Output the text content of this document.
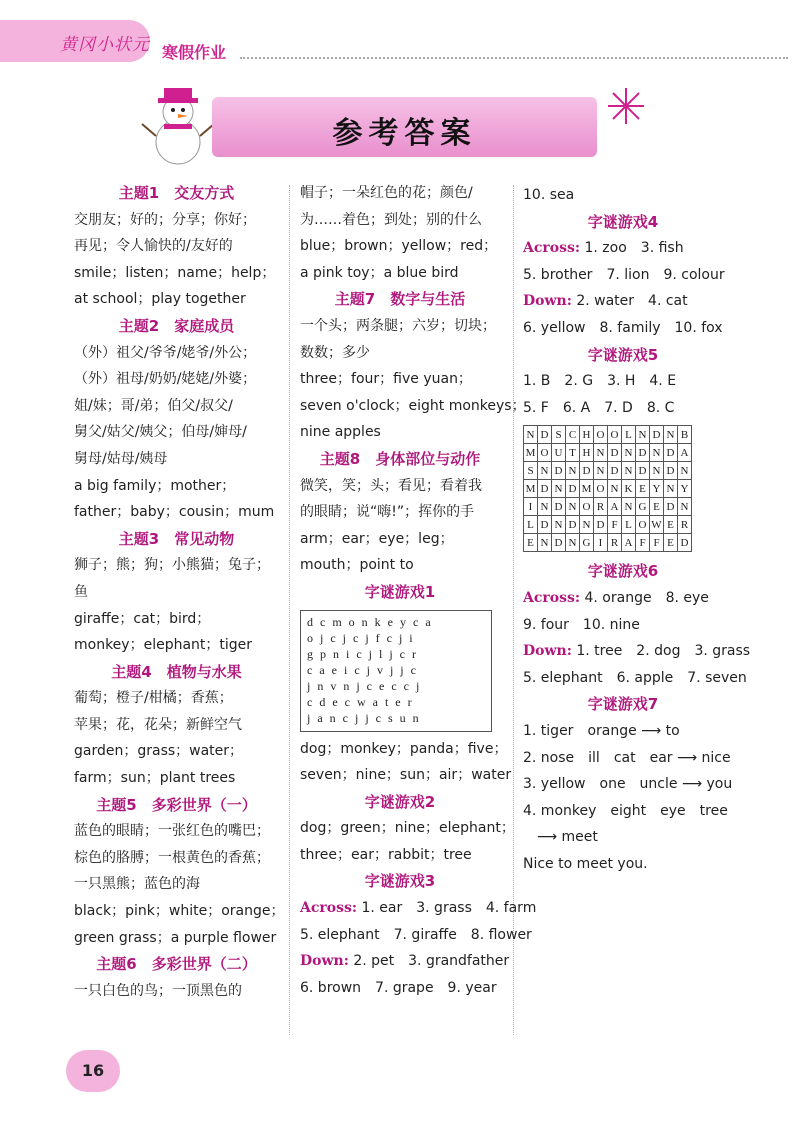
黄冈小状元 寒假作业
参考答案
主题1　交友方式
交朋友；好的；分享；你好；
再见；令人愉快的/友好的
smile；listen；name；help；
at school；play together
主题2　家庭成员
（外）祖父/爷爷/姥爷/外公；
（外）祖母/奶奶/姥姥/外婆；
姐/妹；哥/弟；伯父/叔父/
舅父/姑父/姨父；伯母/婶母/
舅母/姑母/姨母
a big family；mother；
father；baby；cousin；mum
主题3　常见动物
狮子；熊；狗；小熊猫；兔子；
鱼
giraffe；cat；bird；
monkey；elephant；tiger
主题4　植物与水果
葡萄；橙子/柑橘；香蕉；
苹果；花，花朵；新鲜空气
garden；grass；water；
farm；sun；plant trees
主题5　多彩世界（一）
蓝色的眼睛；一张红色的嘴巴；
棕色的胳膊；一根黄色的香蕉；
一只黑熊；蓝色的海
black；pink；white；orange；
green grass；a purple flower
主题6　多彩世界（二）
一只白色的鸟；一顶黑色的
帽子；一朵红色的花；颜色/
为……着色；到处；别的什么
blue；brown；yellow；red；
a pink toy；a blue bird
主题7　数字与生活
一个头；两条腿；六岁；切块；
数数；多少
three；four；five yuan；
seven o'clock；eight monkeys；
nine apples
主题8　身体部位与动作
微笑，笑；头；看见；看着我
的眼睛；说“嗨!”；挥你的手
arm；ear；eye；leg；
mouth；point to
字谜游戏1
d c m o n k e y c a
o j c j c j f c j i
g p n i c j l j c r
c a e i c j v j j c
j n v n j c e c c j
c d e c w a t e r
j a n c j j c s u n
dog；monkey；panda；five；
seven；nine；sun；air；water
字谜游戏2
dog；green；nine；elephant；
three；ear；rabbit；tree
字谜游戏3
Across: 1. ear　3. grass　4. farm
5. elephant　7. giraffe　8. flower
Down: 2. pet　3. grandfather
6. brown　7. grape　9. year
10. sea
字谜游戏4
Across: 1. zoo　3. fish
5. brother　7. lion　9. colour
Down: 2. water　4. cat
6. yellow　8. family　10. fox
字谜游戏5
1. B　2. G　3. H　4. E
5. F　6. A　7. D　8. C
N	D	S	C	H	O	O	L	N	D	N	B
M	O	U	T	H	N	D	N	D	N	D	A
S	N	D	N	D	N	D	N	D	N	D	N
M	D	N	D	M	O	N	K	E	Y	N	Y
I	N	D	N	O	R	A	N	G	E	D	N
L	D	N	D	N	D	F	L	O	W	E	R
E	N	D	N	G	I	R	A	F	F	E	D
字谜游戏6
Across: 4. orange　8. eye
9. four　10. nine
Down: 1. tree　2. dog　3. grass
5. elephant　6. apple　7. seven
字谜游戏7
1. tiger　orange ⟶ to
2. nose　ill　cat　ear ⟶ nice
3. yellow　one　uncle ⟶ you
4. monkey　eight　eye　tree
　⟶ meet
Nice to meet you.
16
